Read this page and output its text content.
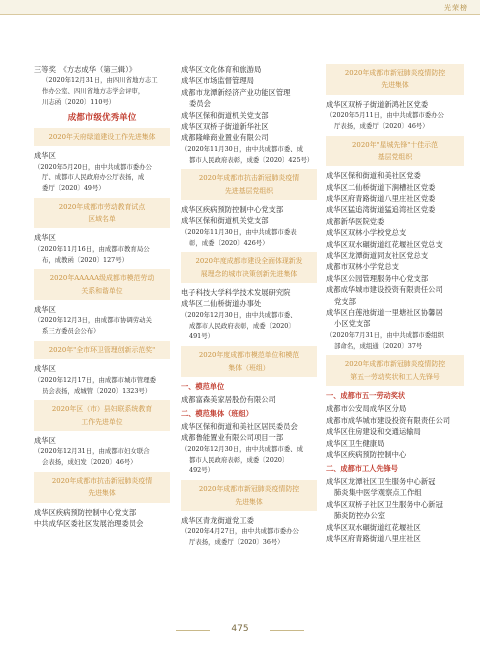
光荣榜

三等奖　《方志成华（第三辑）》

（2020年12月31日，由四川省地方志工

作办公室、四川省地方志学会评审，

川志函〔2020〕110号）

成都市级优秀单位
2020年天府绿道建设工作先进集体

成华区

（2020年5月20日，由中共成都市委办公

厅、成都市人民政府办公厅表扬，成

委厅〔2020〕49号）

2020年成都市劳动教育试点
区域名单

成华区

（2020年11月16日，由成都市教育局公

布，成教函〔2020〕127号）

2020年AAAAA级成都市模范劳动
关系和谐单位

成华区

（2020年12月3日，由成都市协调劳动关

系三方委员会公布）

2020年"全市环卫管理创新示范奖"

成华区

（2020年12月17日，由成都市城市管理委

员会表扬，成城管〔2020〕1323号）

2020年区（市）县妇联系统教育
工作先进单位

成华区

（2020年12月31日，由成都市妇女联合

会表扬，成妇发〔2020〕46号）

2020年成都市抗击新冠肺炎疫情
先进集体

成华区疾病预防控制中心党支部

中共成华区委社区发展治理委员会

成华区文化体育和旅游局

成华区市场监督管理局

成都市龙潭新经济产业功能区管理

委员会

成华区保和街道机关党支部

成华区双桥子街道新华社区

成都隆峰商业置业有限公司

（2020年11月30日，由中共成都市委、成

都市人民政府表彰，成委〔2020〕425号）

2020年成都市抗击新冠肺炎疫情
先进基层党组织

成华区疾病预防控制中心党支部

成华区保和街道机关党支部

（2020年11月30日，由中共成都市委表

彰，成委〔2020〕426号）

2020年度成都市建设全面体现新发
展理念的城市决策创新先进集体

电子科技大学科学技术发展研究院

成华区二仙桥街道办事处

（2020年12月30日，由中共成都市委、

成都市人民政府表彰，成委〔2020〕

491号）

2020年度成都市模范单位和模范
集体（班组）

一、模范单位

成都富森美家居股份有限公司

二、模范集体（班组）

成华区保和街道和美社区居民委员会

成都鲁能置业有限公司项目一部

（2020年12月30日，由中共成都市委、成

都市人民政府表彰，成委〔2020〕

492号）

2020年成都市新冠肺炎疫情防控
先进集体

成华区青龙街道党工委

（2020年4月27日，由中共成都市委办公

厅表扬，成委厅〔2020〕36号）

2020年成都市新冠肺炎疫情防控
先进集体

成华区双桥子街道新鸿社区党委

（2020年5月11日，由中共成都市委办公

厅表扬，成委厅〔2020〕46号）

2020年"星城先锋"十佳示范
基层党组织

成华区保和街道和美社区党委

成华区二仙桥街道下涧槽社区党委

成华区府青路街道八里庄社区党委

成华区猛追湾街道猛追湾社区党委

成都新华医院党委

成华区双林小学校党总支

成华区双水碾街道红花堰社区党总支

成华区龙潭街道同友社区党总支

成都市双林小学党总支

成华区公园管理服务中心党支部

成都成华城市建设投资有限责任公司

党支部

成华区白莲池街道一里塘社区协馨居

小区党支部

（2020年7月31日，由中共成都市委组织

部命名，成组通〔2020〕37号

2020年成都市新冠肺炎疫情防控
第五一劳动奖状和工人先锋号

一、成都市五一劳动奖状

成都市公安局成华区分局

成都市成华城市建设投资有限责任公司

成华区住房建设和交通运输局

成华区卫生健康局

成华区疾病预防控制中心

二、成都市工人先锋号

成华区龙潭社区卫生服务中心新冠

肺炎集中医学观察点工作组

成华区双桥子社区卫生服务中心新冠

肺炎防控办公室

成华区双水碾街道红花堰社区

成华区府青路街道八里庄社区

475
